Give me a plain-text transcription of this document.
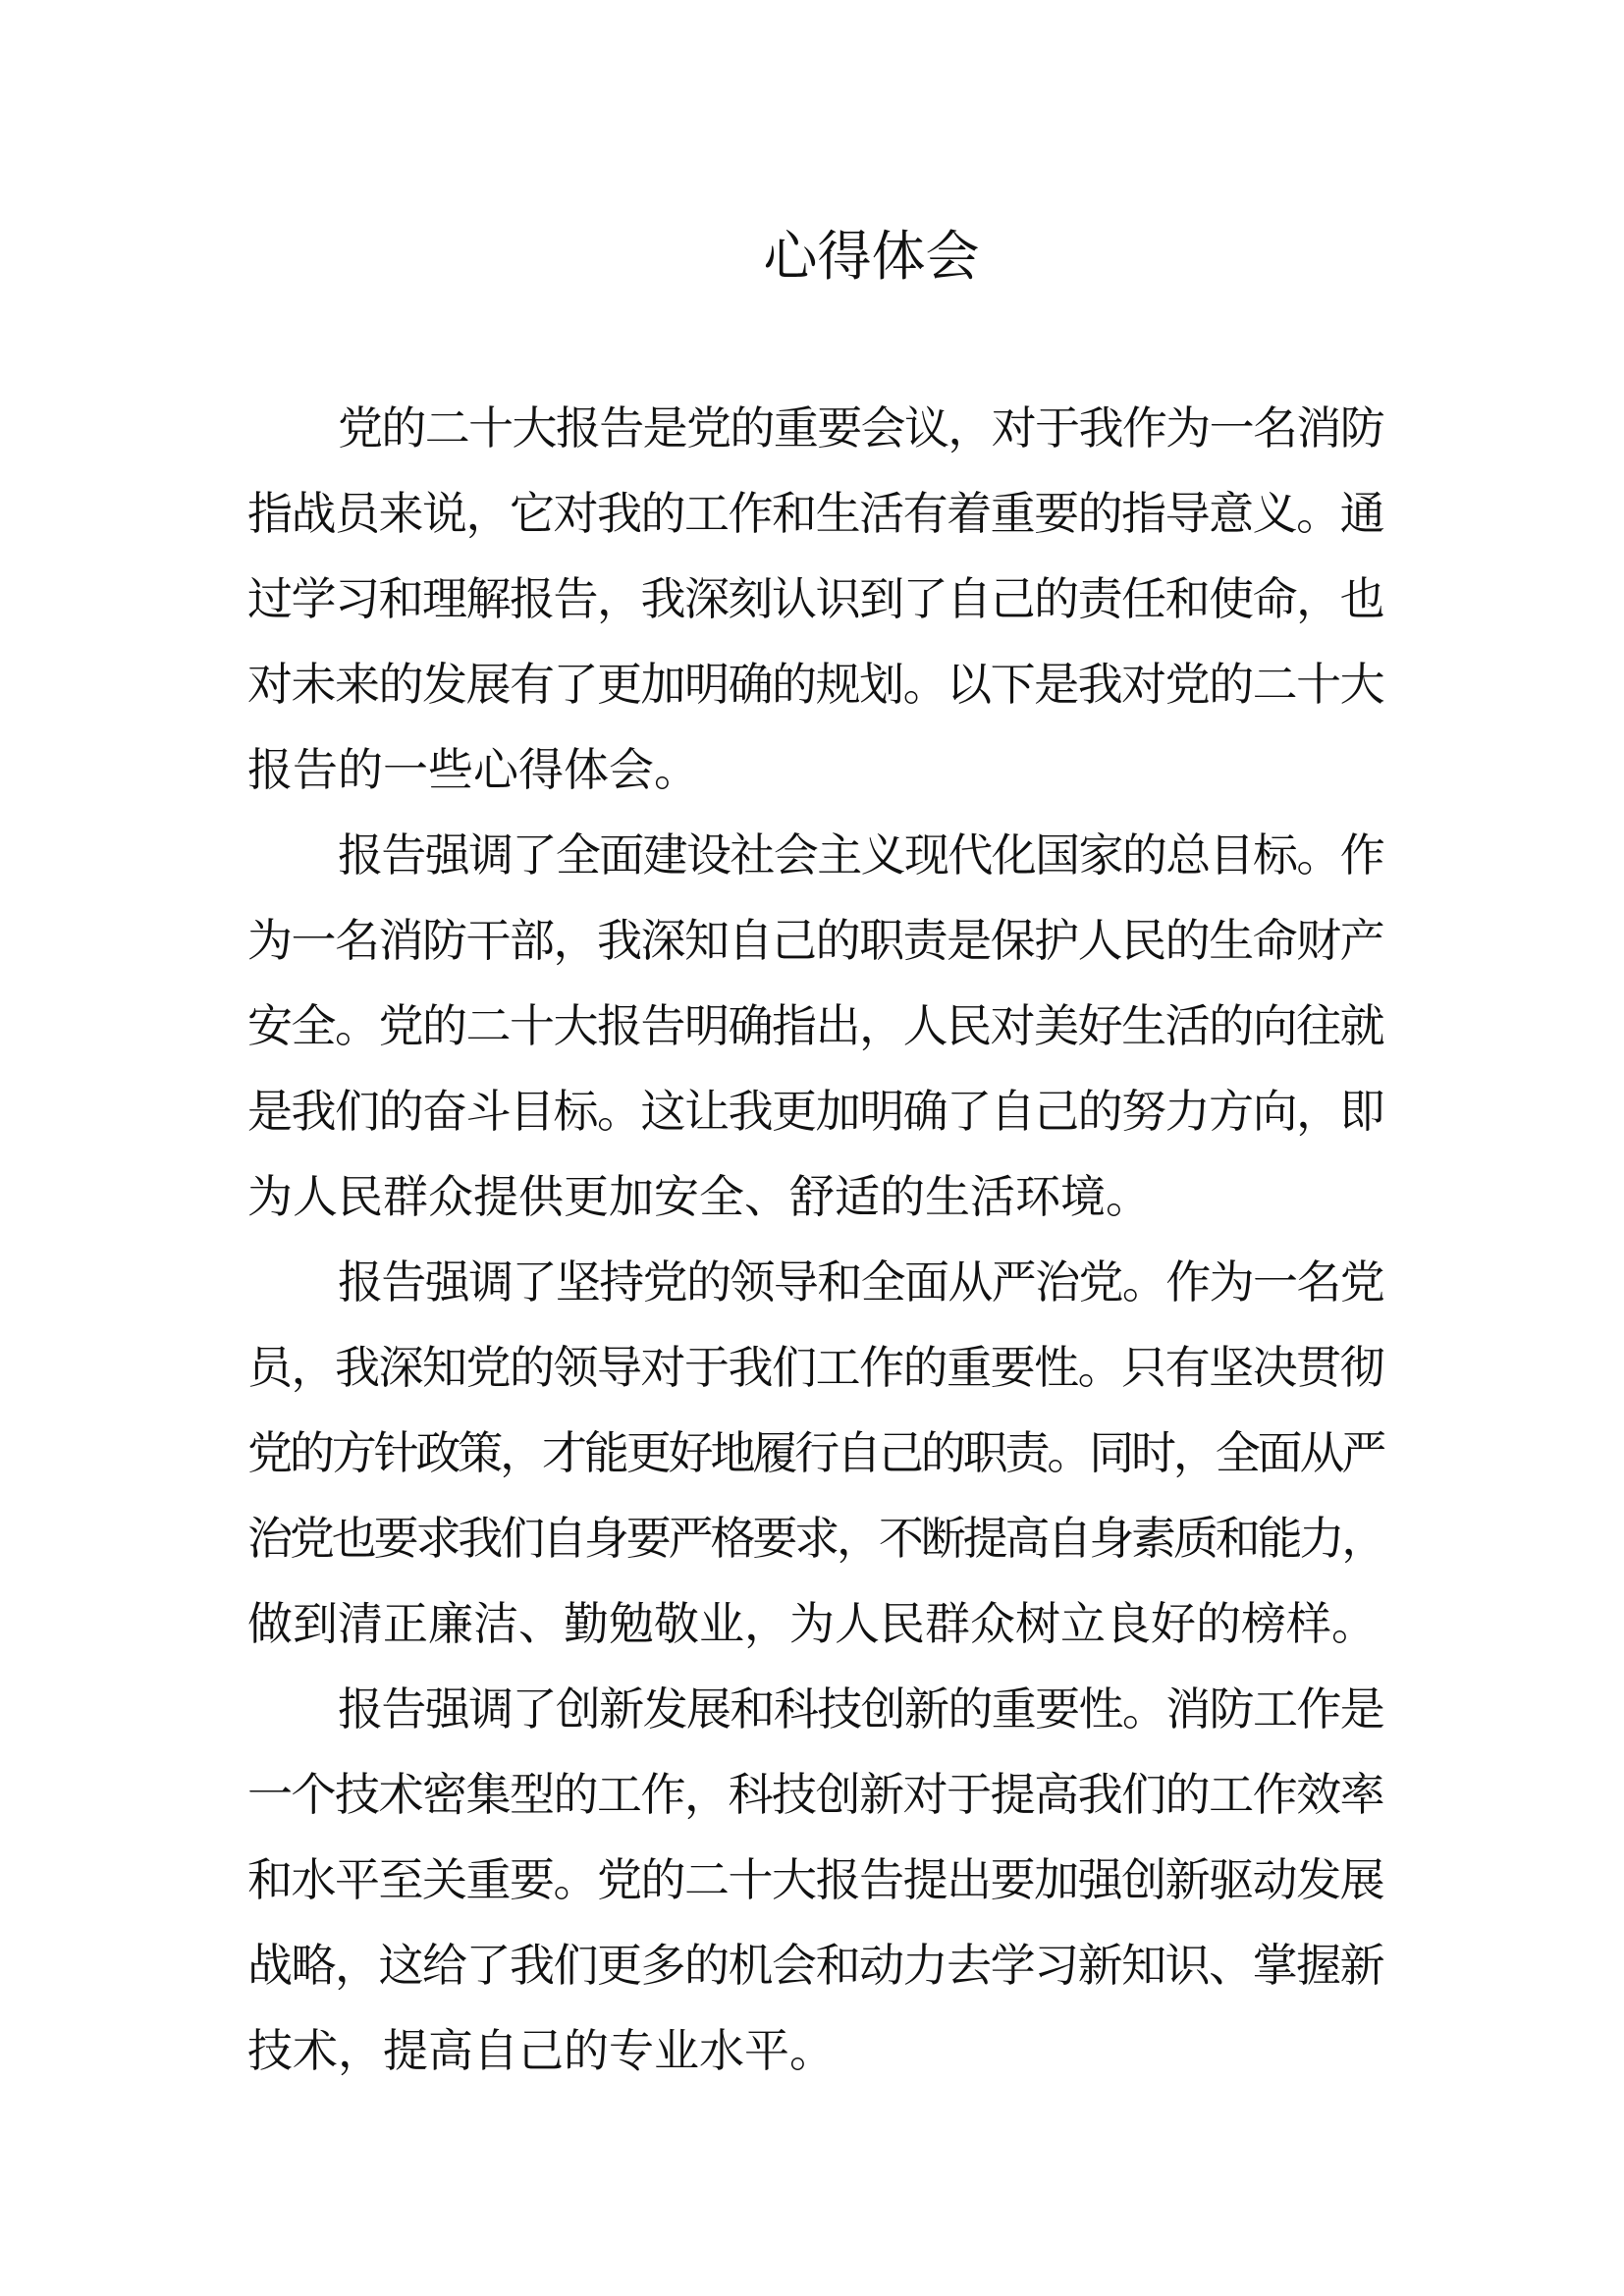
心得体会
党的二十大报告是党的重要会议，对于我作为一名消防
指战员来说，它对我的工作和生活有着重要的指导意义。通
过学习和理解报告，我深刻认识到了自己的责任和使命，也
对未来的发展有了更加明确的规划。以下是我对党的二十大
报告的一些心得体会。
报告强调了全面建设社会主义现代化国家的总目标。作
为一名消防干部，我深知自己的职责是保护人民的生命财产
安全。党的二十大报告明确指出，人民对美好生活的向往就
是我们的奋斗目标。这让我更加明确了自己的努力方向，即
为人民群众提供更加安全、舒适的生活环境。
报告强调了坚持党的领导和全面从严治党。作为一名党
员，我深知党的领导对于我们工作的重要性。只有坚决贯彻
党的方针政策，才能更好地履行自己的职责。同时，全面从严
治党也要求我们自身要严格要求，不断提高自身素质和能力，
做到清正廉洁、勤勉敬业，为人民群众树立良好的榜样。
报告强调了创新发展和科技创新的重要性。消防工作是
一个技术密集型的工作，科技创新对于提高我们的工作效率
和水平至关重要。党的二十大报告提出要加强创新驱动发展
战略，这给了我们更多的机会和动力去学习新知识、掌握新
技术，提高自己的专业水平。
